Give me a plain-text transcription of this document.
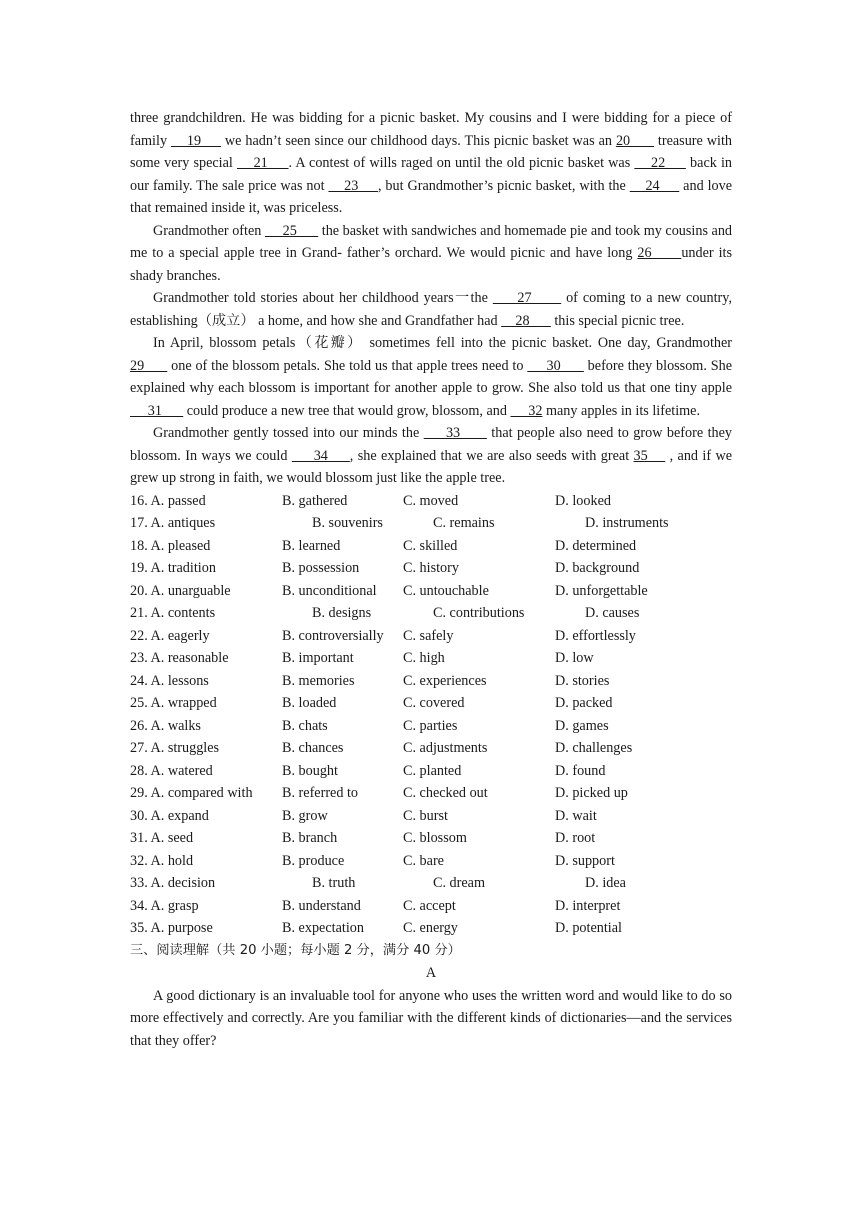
three grandchildren. He was bidding for a picnic basket. My cousins and I were bidding for a piece of family     19      we hadn’t seen since our childhood days. This picnic basket was an 20       treasure with some very special     21     . A contest of wills raged on until the old picnic basket was     22      back in our family. The sale price was not     23     , but Grandmother’s picnic basket, with the     24      and love that remained inside it, was priceless.

Grandmother often      25       the basket with sandwiches and homemade pie and took my cousins and me to a special apple tree in Grand- father’s orchard. We would picnic and have long 26      under its shady branches.

Grandmother told stories about her childhood years一the      27       of coming to a new country, establishing（成立） a home, and how she and Grandfather had     28       this special picnic tree.

In April, blossom petals（花瓣） sometimes fell into the picnic basket. One day, Grandmother 29       one of the blossom petals. She told us that apple trees need to      30       before they blossom. She explained why each blossom is important for another apple to grow. She also told us that one tiny apple      31       could produce a new tree that would grow, blossom, and      32 many apples in its lifetime.

Grandmother gently tossed into our minds the      33       that people also need to grow before they blossom. In ways we could      34     , she explained that we are also seeds with great 35     , and if we grew up strong in faith, we would blossom just like the apple tree.

16. A. passed	B. gathered	C. moved	D. looked
17. A. antiques	B. souvenirs	C. remains	D. instruments
18. A. pleased	B. learned	C. skilled	D. determined
19. A. tradition	B. possession	C. history	D. background
20. A. unarguable	B. unconditional C. untouchable	D. unforgettable
21. A. contents	B. designs	C. contributions	D. causes
22. A. eagerly	B. controversially C. safely	D. effortlessly
23. A. reasonable	B. important	C. high	D. low
24. A. lessons	B. memories	C. experiences	D. stories
25. A. wrapped	B. loaded	C. covered	D. packed
26. A. walks	B. chats	C. parties	D. games
27. A. struggles	B. chances	C. adjustments	D. challenges
28. A. watered	B. bought	C. planted	D. found
29. A. compared with B. referred to	C. checked out	D. picked up
30. A. expand	B. grow	C. burst	D. wait
31. A. seed	B. branch	C. blossom	D. root
32. A. hold	B. produce	C. bare	D. support
33. A. decision	B. truth	C. dream	D. idea
34. A. grasp	B. understand	C. accept	D. interpret
35. A. purpose	B. expectation	C. energy	D. potential
三、阅读理解（共 20 小题；每小题 2 分，满分 40 分）
A

A good dictionary is an invaluable tool for anyone who uses the written word and would like to do so more effectively and correctly. Are you familiar with the different kinds of dictionaries—and the services that they offer?
